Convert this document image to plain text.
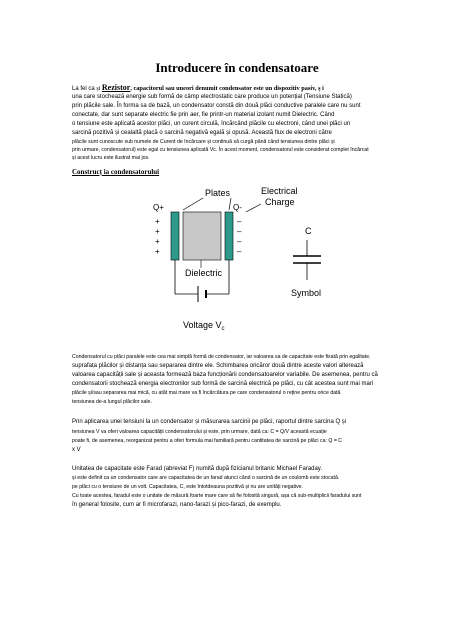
Introducere în condensatoare
La fel ca și Rezistor, capacitorul sau uneori denumit condensator este un dispozitiv pasiv, ș i
una care stochează energie sub formă de câmp electrostatic care produce un potențial (Tensiune Statică)
prin plăcile sale. În forma sa de bază, un condensator constă din două plăci conductive paralele care nu sunt
conectate, dar sunt separate electric fie prin aer, fie printr-un material izolant numit Dielectric. Când
o tensiune este aplicată acestor plăci, un curent circulă, încărcând plăcile cu electroni, când unei plăci un
sarcină pozitivă și cealaltă placă o sarcină negativă egală și opusă. Această flux de electroni către
plăcile sunt cunoscute sub numele de Curent de încărcare și continuă să curgă până când tensiunea dintre plăci și
prin urmare, condensatorul) este egal cu tensiunea aplicată Vc. În acest moment, condensatorul este considerat complet încărcat
și acest lucru este ilustrat mai jos.
Construcț ia condensatorului
Plates	Electrical
Charge
Q+	Q-
+
+
+
+
–
–
–
–
Dielectric
Voltage $V_c$
C
Symbol
Condensatorul cu plăci paralele este cea mai simplă formă de condensator, iar valoarea sa de capacitate este fixată prin egalitate.
suprafața plăcilor și distanța sau separarea dintre ele. Schimbarea oricăror două dintre aceste valori alterează
valoarea capacității sale și aceasta formează baza funcționării condensatoarelor variabile. De asemenea, pentru că
condensatorii stochează energia electronilor sub formă de sarcină electrică pe plăci, cu cât acestea sunt mai mari
plăcile și/sau separarea mai mică, cu atât mai mare va fi încărcătura pe care condensatorul o reține pentru orice dată
tensiunea de-a lungul plăcilor sale.
Prin aplicarea unei tensiuni la un condensator și măsurarea sarcinii pe plăci, raportul dintre sarcina Q și
tensiunea V va oferi valoarea capacității condensatorului și este, prin urmare, dată ca: C = Q/V această ecuație
poate fi, de asemenea, reorganizat pentru a oferi formula mai familiară pentru cantitatea de sarcină pe plăci ca: Q = C
x V
Unitatea de capacitate este Farad (abreviat F) numită după fizicianul britanic Michael Faraday.
și este definit ca un condensator care are capacitatea de un farad atunci când o sarcină de un coulomb este stocată.
pe plăci cu o tensiune de un volt. Capacitatea, C, este întotdeauna pozitivă și nu are unități negative.
Cu toate acestea, faradul este o unitate de măsură foarte mare care să fie folosită singură, așa că sub-multiplicii faradului sunt
în general folosite, cum ar fi microfarazi, nano-farazi și pico-farazi, de exemplu.
